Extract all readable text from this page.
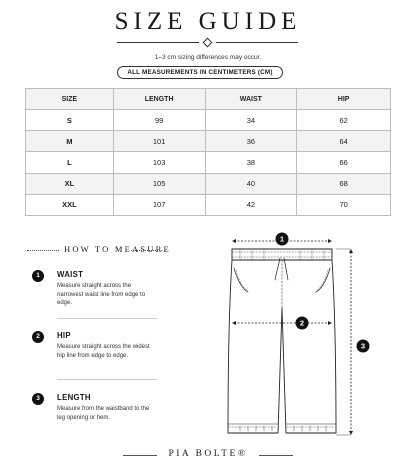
SIZE GUIDE
1–3 cm sizing differences may occur.
ALL MEASUREMENTS IN CENTIMETERS (CM)
SIZE	LENGTH	WAIST	HIP
S	99	34	62
M	101	36	64
L	103	38	66
XL	105	40	68
XXL	107	42	70
HOW TO MEASURE
1	WAIST
Measure straight across the narrowest waist line from edge to edge.
2	HIP
Measure straight across the widest hip line from edge to edge.
3	LENGTH
Measure from the waistband to the leg opening or hem.
1
2
3
PIA BOLTE®
